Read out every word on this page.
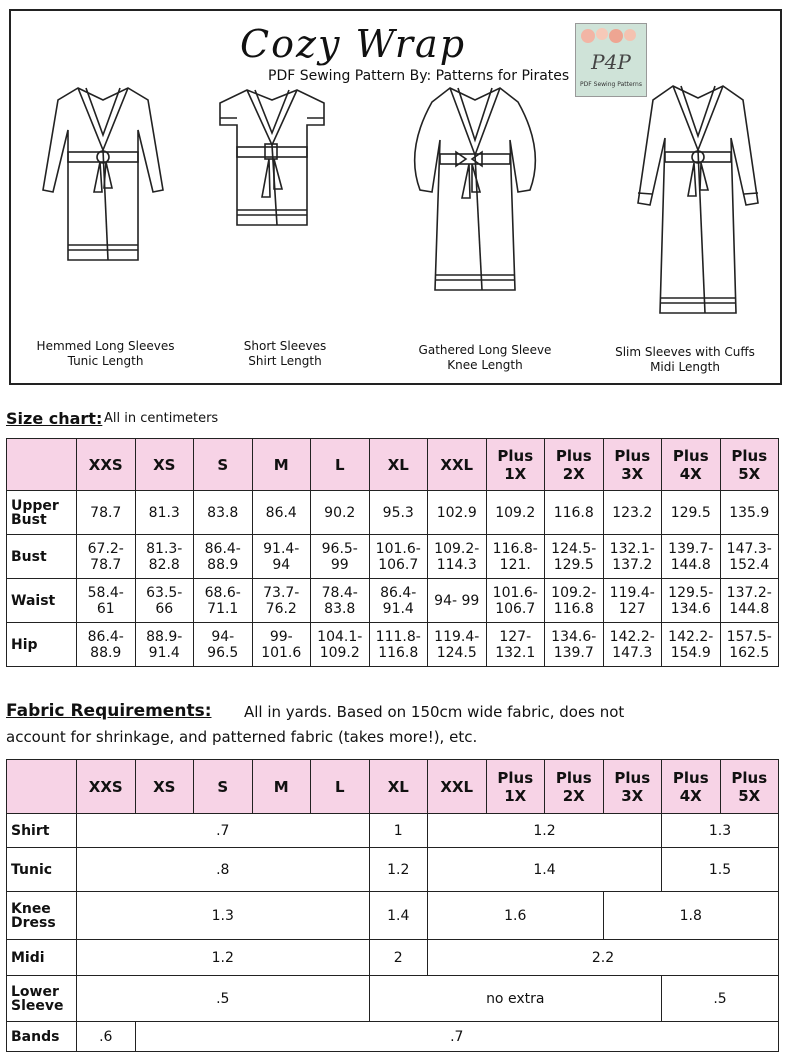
Cozy Wrap
PDF Sewing Pattern By: Patterns for Pirates
P4P
PDF Sewing Patterns
Hemmed Long Sleeves
Tunic Length
Short Sleeves
Shirt Length
Gathered Long Sleeve
Knee Length
Slim Sleeves with Cuffs
Midi Length
Size chart: All in centimeters
	XXS	XS	S	M	L	XL	XXL	Plus 1X	Plus 2X	Plus 3X	Plus 4X	Plus 5X
Upper Bust	78.7	81.3	83.8	86.4	90.2	95.3	102.9	109.2	116.8	123.2	129.5	135.9
Bust	67.2- 78.7	81.3- 82.8	86.4- 88.9	91.4- 94	96.5- 99	101.6- 106.7	109.2- 114.3	116.8- 121.	124.5- 129.5	132.1- 137.2	139.7- 144.8	147.3- 152.4
Waist	58.4- 61	63.5- 66	68.6- 71.1	73.7- 76.2	78.4- 83.8	86.4- 91.4	94- 99	101.6- 106.7	109.2- 116.8	119.4- 127	129.5- 134.6	137.2- 144.8
Hip	86.4- 88.9	88.9- 91.4	94- 96.5	99- 101.6	104.1- 109.2	111.8- 116.8	119.4- 124.5	127- 132.1	134.6- 139.7	142.2- 147.3	142.2- 154.9	157.5- 162.5
Fabric Requirements: All in yards. Based on 150cm wide fabric, does not
account for shrinkage, and patterned fabric (takes more!), etc.
	XXS	XS	S	M	L	XL	XXL	Plus 1X	Plus 2X	Plus 3X	Plus 4X	Plus 5X
Shirt	.7					1	1.2				1.3	
Tunic	.8					1.2	1.4				1.5	
Knee Dress	1.3					1.4	1.6			1.8		
Midi	1.2					2	2.2					
Lower Sleeve	.5					no extra					.5	
Bands	.6	.7										
